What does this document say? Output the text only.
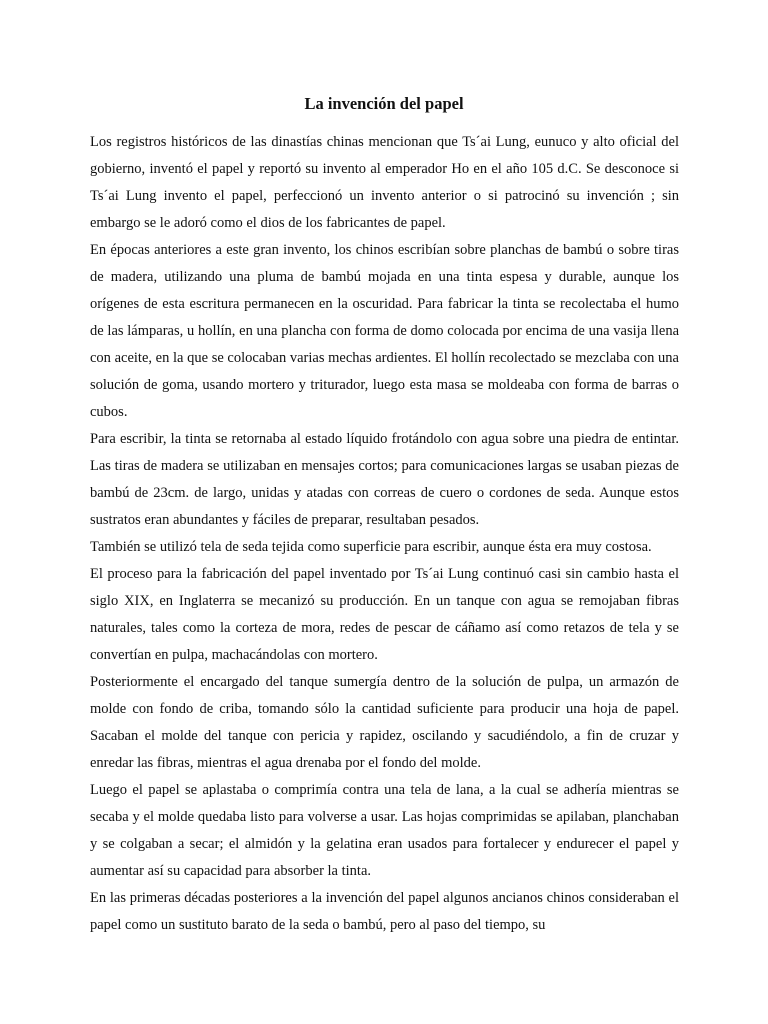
La invención del papel

Los registros históricos de las dinastías chinas mencionan que Ts´ai Lung, eunuco y alto oficial del gobierno, inventó el papel y reportó su invento al emperador Ho en el año 105 d.C. Se desconoce si Ts´ai Lung invento el papel, perfeccionó un invento anterior o si patrocinó su invención ; sin embargo se le adoró como el dios de los fabricantes de papel.

En épocas anteriores a este gran invento, los chinos escribían sobre planchas de bambú o sobre tiras de madera, utilizando una pluma de bambú mojada en una tinta espesa y durable, aunque los orígenes de esta escritura permanecen en la oscuridad. Para fabricar la tinta se recolectaba el humo de las lámparas, u hollín, en una plancha con forma de domo colocada por encima de una vasija llena con aceite, en la que se colocaban varias mechas ardientes. El hollín recolectado se mezclaba con una solución de goma, usando mortero y triturador, luego esta masa se moldeaba con forma de barras o cubos.

Para escribir, la tinta se retornaba al estado líquido frotándolo con agua sobre una piedra de entintar. Las tiras de madera se utilizaban en mensajes cortos; para comunicaciones largas se usaban piezas de bambú de 23cm. de largo, unidas y atadas con correas de cuero o cordones de seda. Aunque estos sustratos eran abundantes y fáciles de preparar, resultaban pesados.

También se utilizó tela de seda tejida como superficie para escribir, aunque ésta era muy costosa.

El proceso para la fabricación del papel inventado por Ts´ai Lung continuó casi sin cambio hasta el siglo XIX, en Inglaterra se mecanizó su producción. En un tanque con agua se remojaban fibras naturales, tales como la corteza de mora, redes de pescar de cáñamo así como retazos de tela y se convertían en pulpa, machacándolas con mortero.

Posteriormente el encargado del tanque sumergía dentro de la solución de pulpa, un armazón de molde con fondo de criba, tomando sólo la cantidad suficiente para producir una hoja de papel. Sacaban el molde del tanque con pericia y rapidez, oscilando y sacudiéndolo, a fin de cruzar y enredar las fibras, mientras el agua drenaba por el fondo del molde.

Luego el papel se aplastaba o comprimía contra una tela de lana, a la cual se adhería mientras se secaba y el molde quedaba listo para volverse a usar. Las hojas comprimidas se apilaban, planchaban y se colgaban a secar; el almidón y la gelatina eran usados para fortalecer y endurecer el papel y aumentar así su capacidad para absorber la tinta.

En las primeras décadas posteriores a la invención del papel algunos ancianos chinos consideraban el papel como un sustituto barato de la seda o bambú, pero al paso del tiempo, su
